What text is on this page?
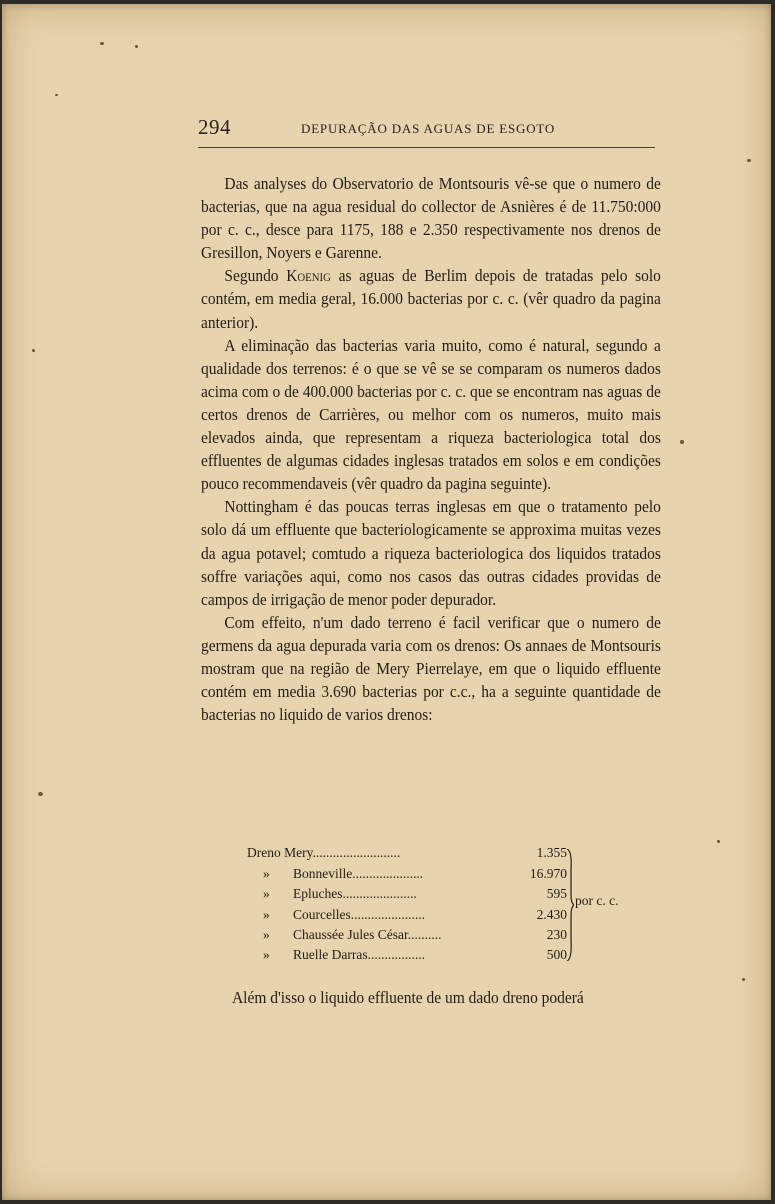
294	DEPURAÇÃO DAS AGUAS DE ESGOTO

Das analyses do Observatorio de Montsouris vê-se que o numero de bacterias, que na agua residual do collector de Asnières é de 11.750:000 por c. c., desce para 1175, 188 e 2.350 respectivamente nos drenos de Gresillon, Noyers e Garenne.

Segundo Koenig as aguas de Berlim depois de tratadas pelo solo contém, em media geral, 16.000 bacterias por c. c. (vêr quadro da pagina anterior).

A eliminação das bacterias varia muito, como é natural, segundo a qualidade dos terrenos: é o que se vê se se comparam os numeros dados acima com o de 400.000 bacterias por c. c. que se encontram nas aguas de certos drenos de Carrières, ou melhor com os numeros, muito mais elevados ainda, que representam a riqueza bacteriologica total dos effluentes de algumas cidades inglesas tratados em solos e em condições pouco recommendaveis (vêr quadro da pagina seguinte).

Nottingham é das poucas terras inglesas em que o tratamento pelo solo dá um effluente que bacteriologicamente se approxima muitas vezes da agua potavel; comtudo a riqueza bacteriologica dos liquidos tratados soffre variações aqui, como nos casos das outras cidades providas de campos de irrigação de menor poder depurador.

Com effeito, n'um dado terreno é facil verificar que o numero de germens da agua depurada varia com os drenos: Os annaes de Montsouris mostram que na região de Mery Pierrelaye, em que o liquido effluente contém em media 3.690 bacterias por c.c., ha a seguinte quantidade de bacterias no liquido de varios drenos:

Dreno Mery..........................	1.355
» Bonneville.....................	16.970
» Epluches......................	595
» Courcelles......................	2.430
» Chaussée Jules César..........	230
» Ruelle Darras.................	500
por c. c.
Além d'isso o liquido effluente de um dado dreno poderá
